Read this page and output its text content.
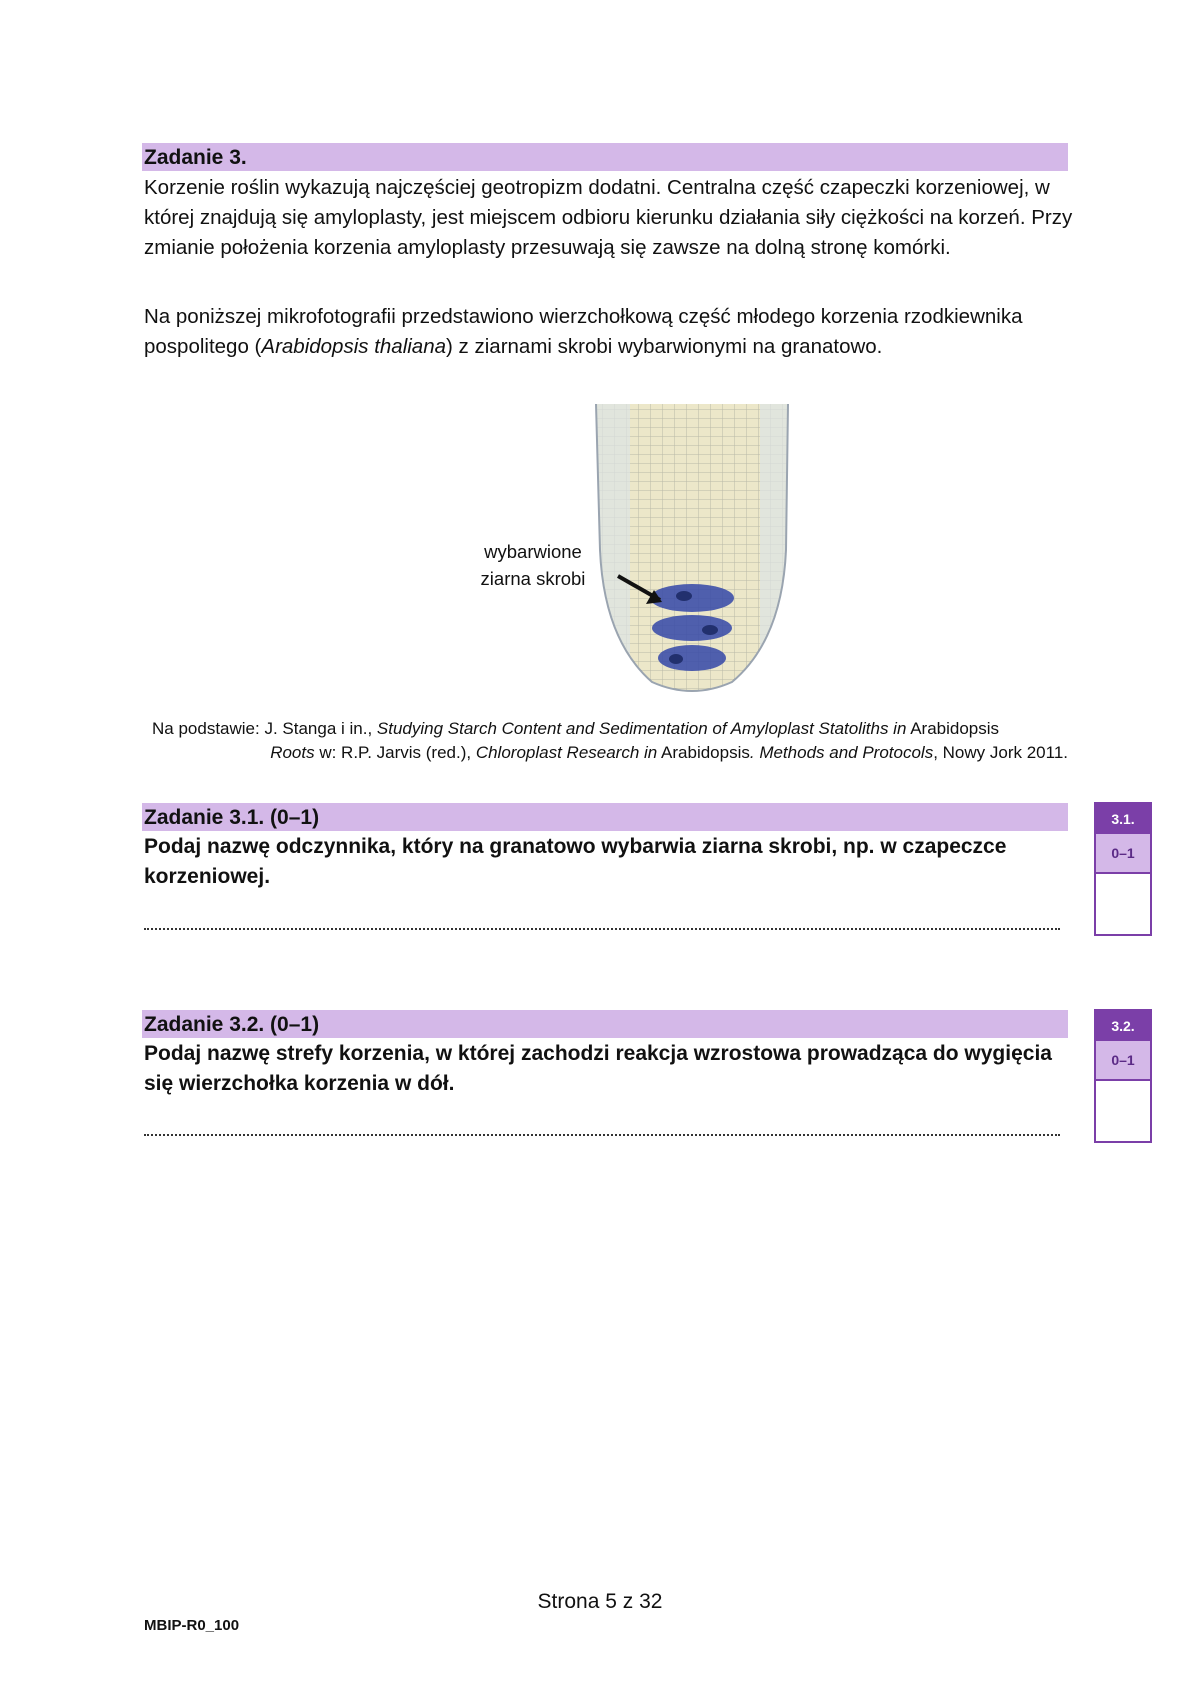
Zadanie 3.

Korzenie roślin wykazują najczęściej geotropizm dodatni. Centralna część czapeczki korzeniowej, w której znajdują się amyloplasty, jest miejscem odbioru kierunku działania siły ciężkości na korzeń. Przy zmianie położenia korzenia amyloplasty przesuwają się zawsze na dolną stronę komórki.

Na poniższej mikrofotografii przedstawiono wierzchołkową część młodego korzenia rzodkiewnika pospolitego (Arabidopsis thaliana) z ziarnami skrobi wybarwionymi na granatowo.

wybarwione
ziarna skrobi
Na podstawie: J. Stanga i in., Studying Starch Content and Sedimentation of Amyloplast Statoliths in Arabidopsis
Roots w: R.P. Jarvis (red.), Chloroplast Research in Arabidopsis. Methods and Protocols, Nowy Jork 2011.
Zadanie 3.1. (0–1)

Podaj nazwę odczynnika, który na granatowo wybarwia ziarna skrobi, np. w czapeczce korzeniowej.

3.1.
0–1
Zadanie 3.2. (0–1)

Podaj nazwę strefy korzenia, w której zachodzi reakcja wzrostowa prowadząca do wygięcia się wierzchołka korzenia w dół.

3.2.
0–1
Strona 5 z 32
MBIP-R0_100
